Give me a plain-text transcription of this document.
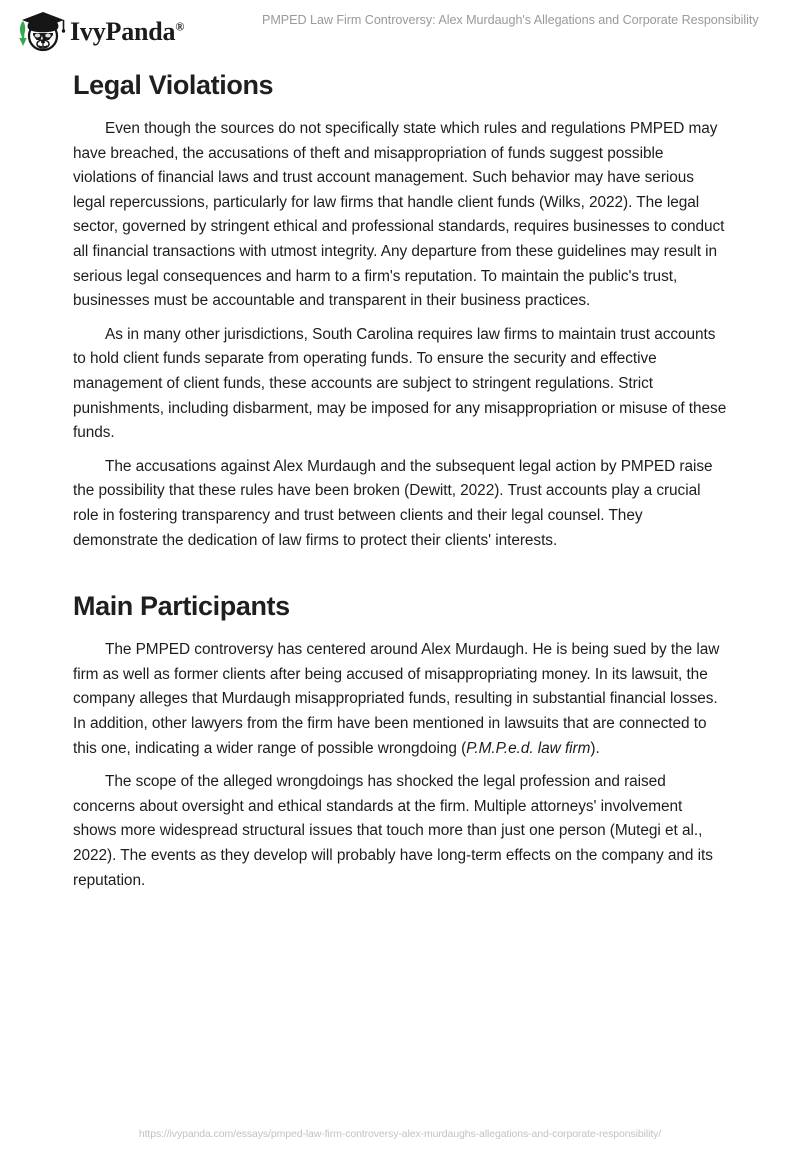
IvyPanda®	PMPED Law Firm Controversy: Alex Murdaugh's Allegations and Corporate Responsibility
Legal Violations

Even though the sources do not specifically state which rules and regulations PMPED may have breached, the accusations of theft and misappropriation of funds suggest possible violations of financial laws and trust account management. Such behavior may have serious legal repercussions, particularly for law firms that handle client funds (Wilks, 2022). The legal sector, governed by stringent ethical and professional standards, requires businesses to conduct all financial transactions with utmost integrity. Any departure from these guidelines may result in serious legal consequences and harm to a firm's reputation. To maintain the public's trust, businesses must be accountable and transparent in their business practices.

As in many other jurisdictions, South Carolina requires law firms to maintain trust accounts to hold client funds separate from operating funds. To ensure the security and effective management of client funds, these accounts are subject to stringent regulations. Strict punishments, including disbarment, may be imposed for any misappropriation or misuse of these funds.

The accusations against Alex Murdaugh and the subsequent legal action by PMPED raise the possibility that these rules have been broken (Dewitt, 2022). Trust accounts play a crucial role in fostering transparency and trust between clients and their legal counsel. They demonstrate the dedication of law firms to protect their clients' interests.

Main Participants

The PMPED controversy has centered around Alex Murdaugh. He is being sued by the law firm as well as former clients after being accused of misappropriating money. In its lawsuit, the company alleges that Murdaugh misappropriated funds, resulting in substantial financial losses. In addition, other lawyers from the firm have been mentioned in lawsuits that are connected to this one, indicating a wider range of possible wrongdoing (P.M.P.e.d. law firm).

The scope of the alleged wrongdoings has shocked the legal profession and raised concerns about oversight and ethical standards at the firm. Multiple attorneys' involvement shows more widespread structural issues that touch more than just one person (Mutegi et al., 2022). The events as they develop will probably have long-term effects on the company and its reputation.

https://ivypanda.com/essays/pmped-law-firm-controversy-alex-murdaughs-allegations-and-corporate-responsibility/
